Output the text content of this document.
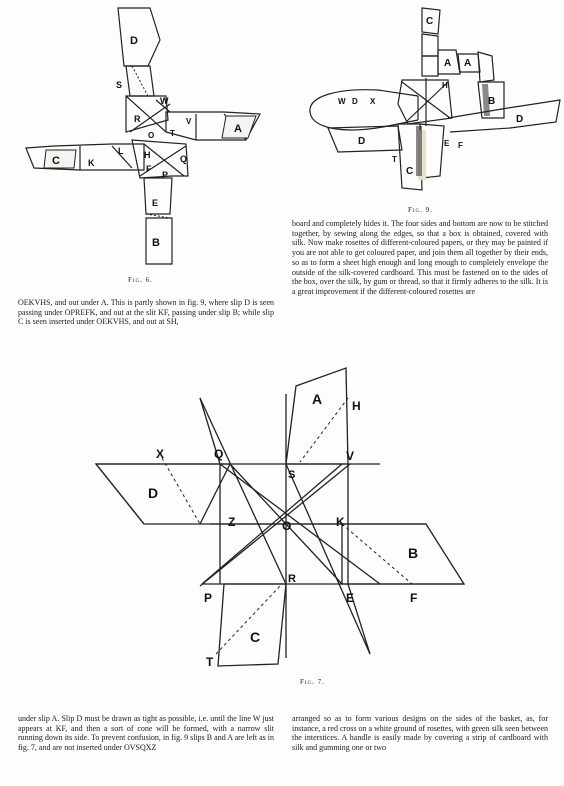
D
S
W
R
O T
V
A
C	K
L H	Q
F
P
E
B
Fig. 6.
C
A A
B
D
W D X
H
D	E F
T
C
Fig. 9.

OEKVHS, and out under A. This is partly shown in fig. 9, where slip D is seen passing under OPREFK, and out at the slit KF, passing under slip B; while slip C is seen inserted under OEKVHS, and out at SH,

board and completely hides it. The four sides and bottom are now to be stitched together, by sewing along the edges, so that a box is obtained, covered with silk. Now make rosettes of different-coloured papers, or they may be painted if you are not able to get coloured paper, and join them all together by their ends, so as to form a sheet high enough and long enough to completely envelope the outside of the silk-covered cardboard. This must be fastened on to the sides of the box, over the silk, by gum or thread, so that it firmly adheres to the silk. It is a great improvement if the different-coloured rosettes are

A H
X	Q
S
V
D
Z	O	K
B
P
R
E	F
C
T
Fig. 7.

under slip A. Slip D must be drawn as tight as possible, i.e. until the line W just appears at KF, and then a sort of cone will be formed, with a narrow slit running down its side. To prevent confusion, in fig. 9 slips B and A are left as in fig. 7, and are not inserted under OVSQXZ

arranged so as to form various designs on the sides of the basket, as, for instance, a red cross on a white ground of rosettes, with green silk seen between the interstices. A handle is easily made by covering a strip of cardboard with silk and gumming one or two
